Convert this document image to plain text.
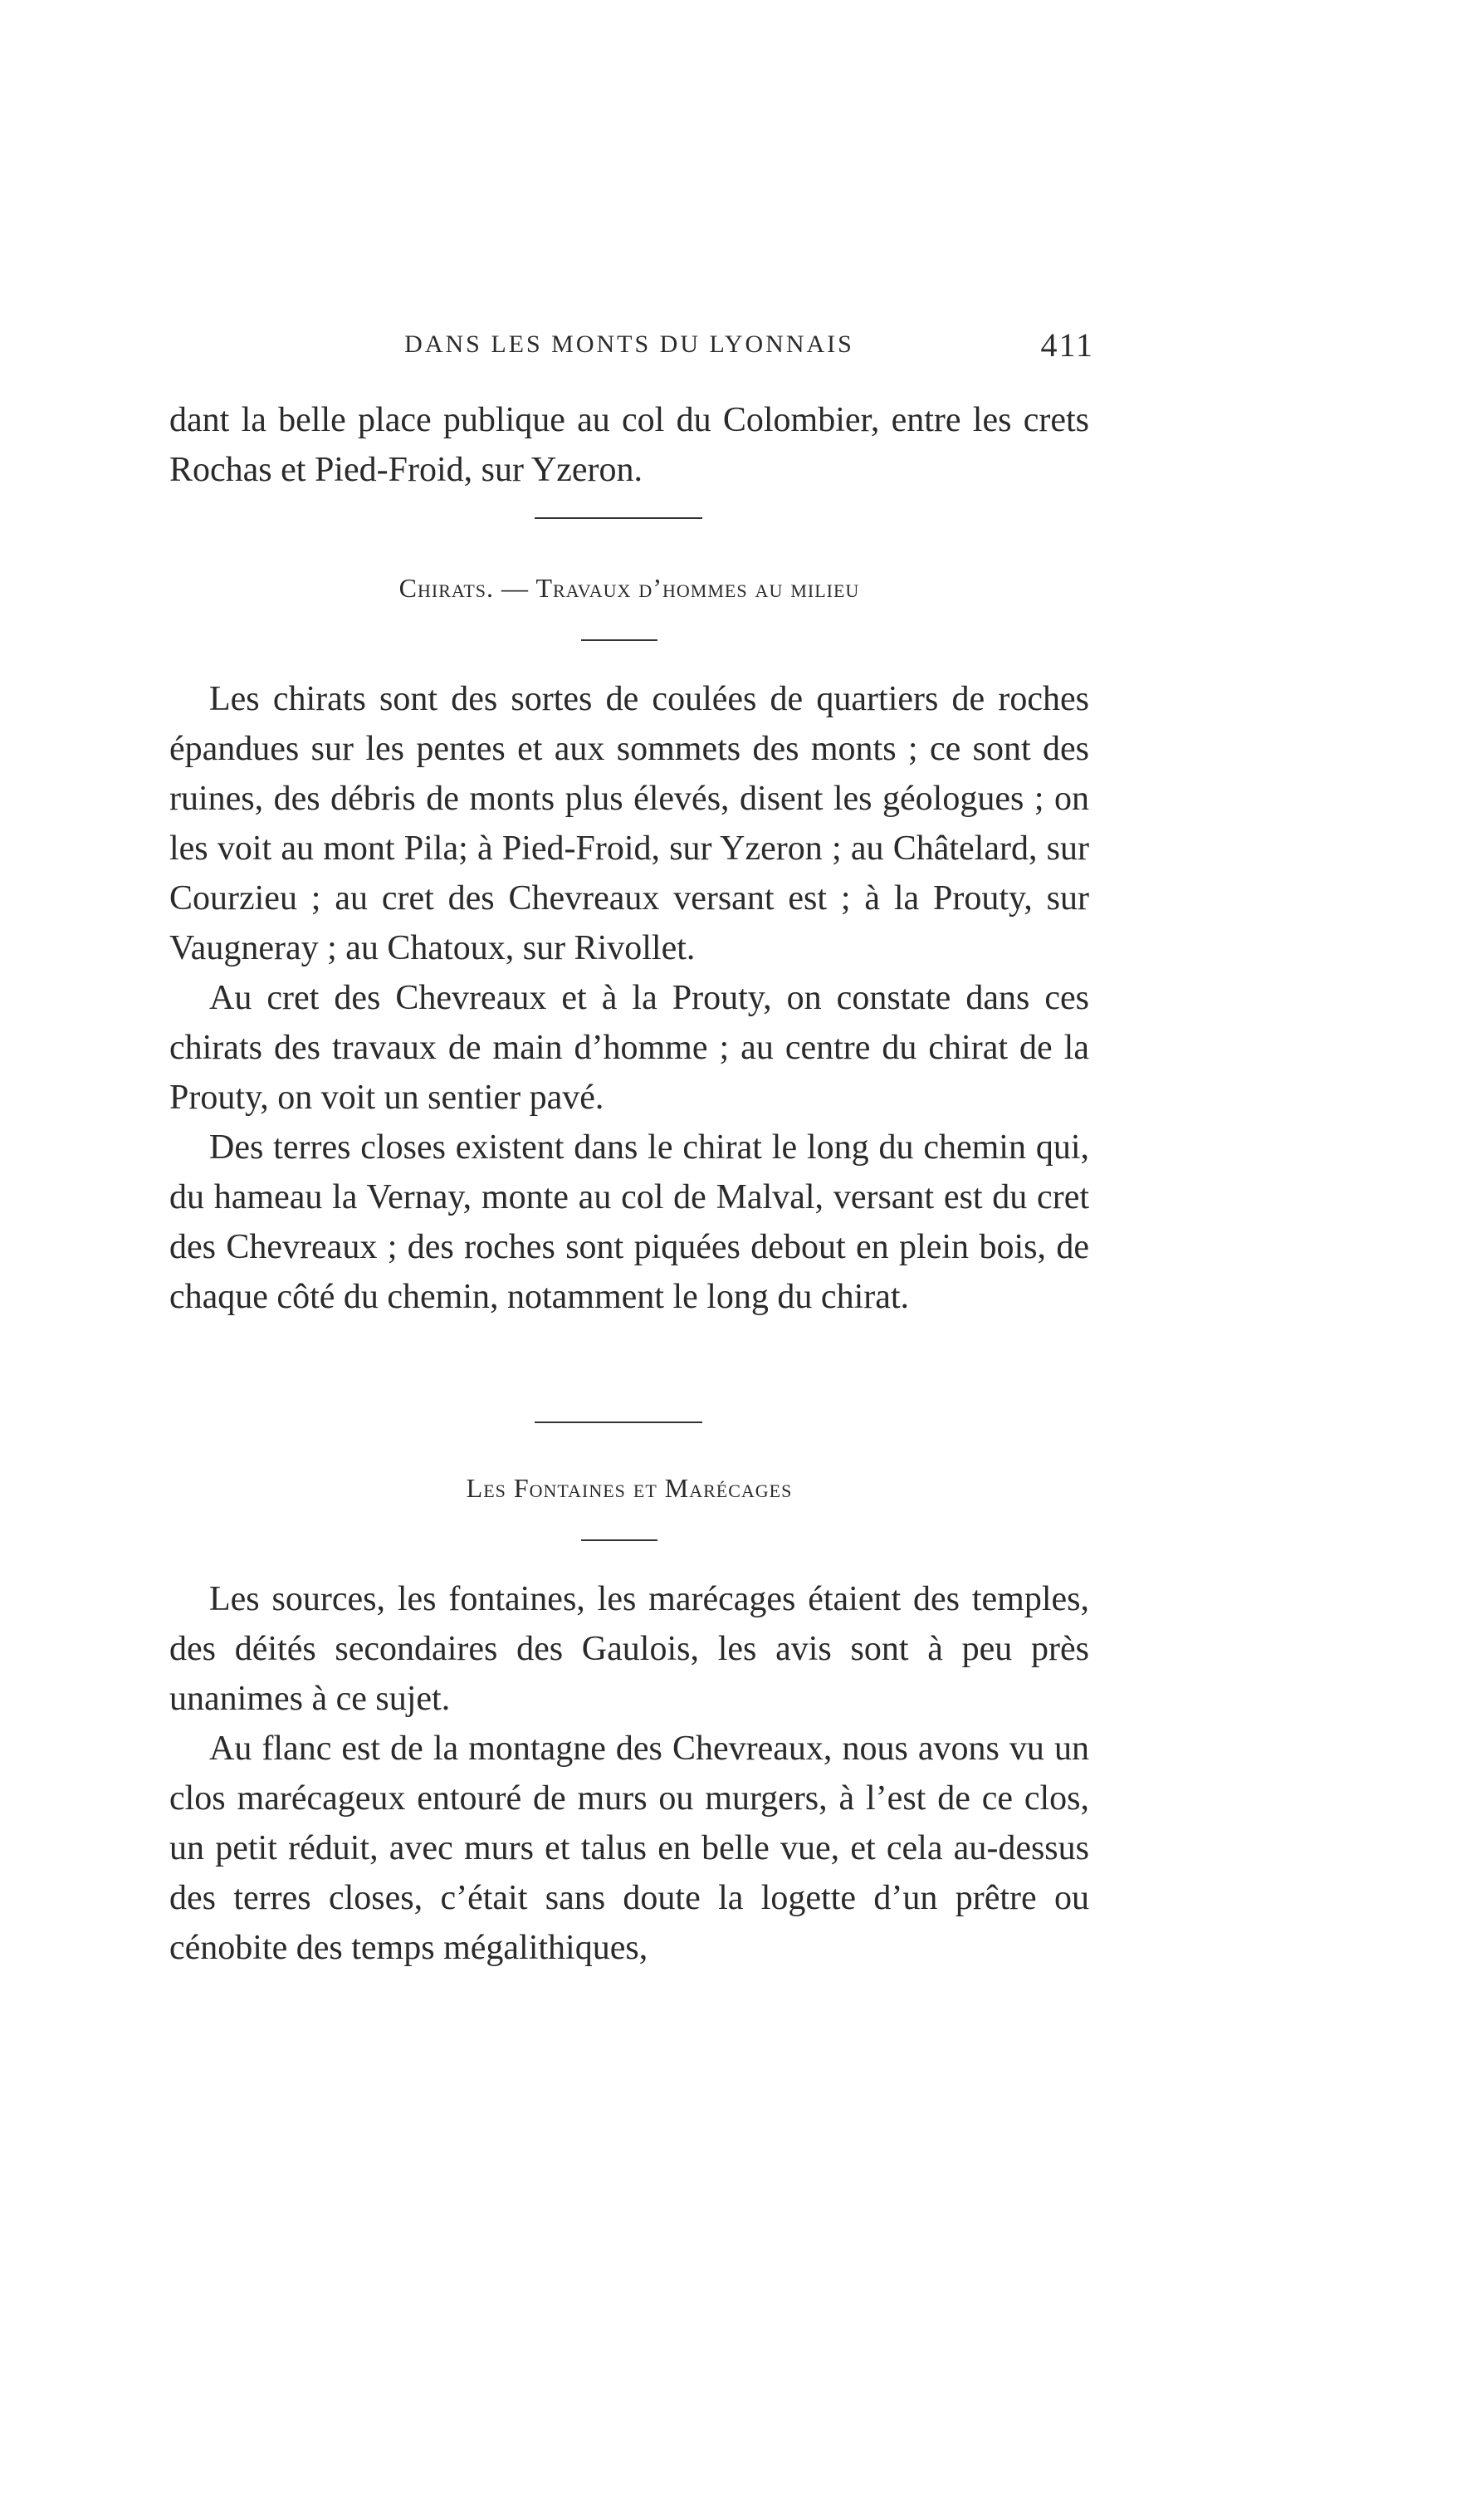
DANS LES MONTS DU LYONNAIS	411

dant la belle place publique au col du Colombier, entre les crets Rochas et Pied-Froid, sur Yzeron.

Chirats. — Travaux d’hommes au milieu

Les chirats sont des sortes de coulées de quartiers de roches épandues sur les pentes et aux sommets des monts ; ce sont des ruines, des débris de monts plus élevés, disent les géologues ; on les voit au mont Pila; à Pied-Froid, sur Yzeron ; au Châtelard, sur Courzieu ; au cret des Chevreaux versant est ; à la Prouty, sur Vaugneray ; au Chatoux, sur Rivollet.

Au cret des Chevreaux et à la Prouty, on constate dans ces chirats des travaux de main d’homme ; au centre du chirat de la Prouty, on voit un sentier pavé.

Des terres closes existent dans le chirat le long du chemin qui, du hameau la Vernay, monte au col de Malval, versant est du cret des Chevreaux ; des roches sont piquées debout en plein bois, de chaque côté du chemin, notamment le long du chirat.

Les Fontaines et Marécages

Les sources, les fontaines, les marécages étaient des temples, des déités secondaires des Gaulois, les avis sont à peu près unanimes à ce sujet.

Au flanc est de la montagne des Chevreaux, nous avons vu un clos marécageux entouré de murs ou murgers, à l’est de ce clos, un petit réduit, avec murs et talus en belle vue, et cela au-dessus des terres closes, c’était sans doute la logette d’un prêtre ou cénobite des temps mégalithiques,
